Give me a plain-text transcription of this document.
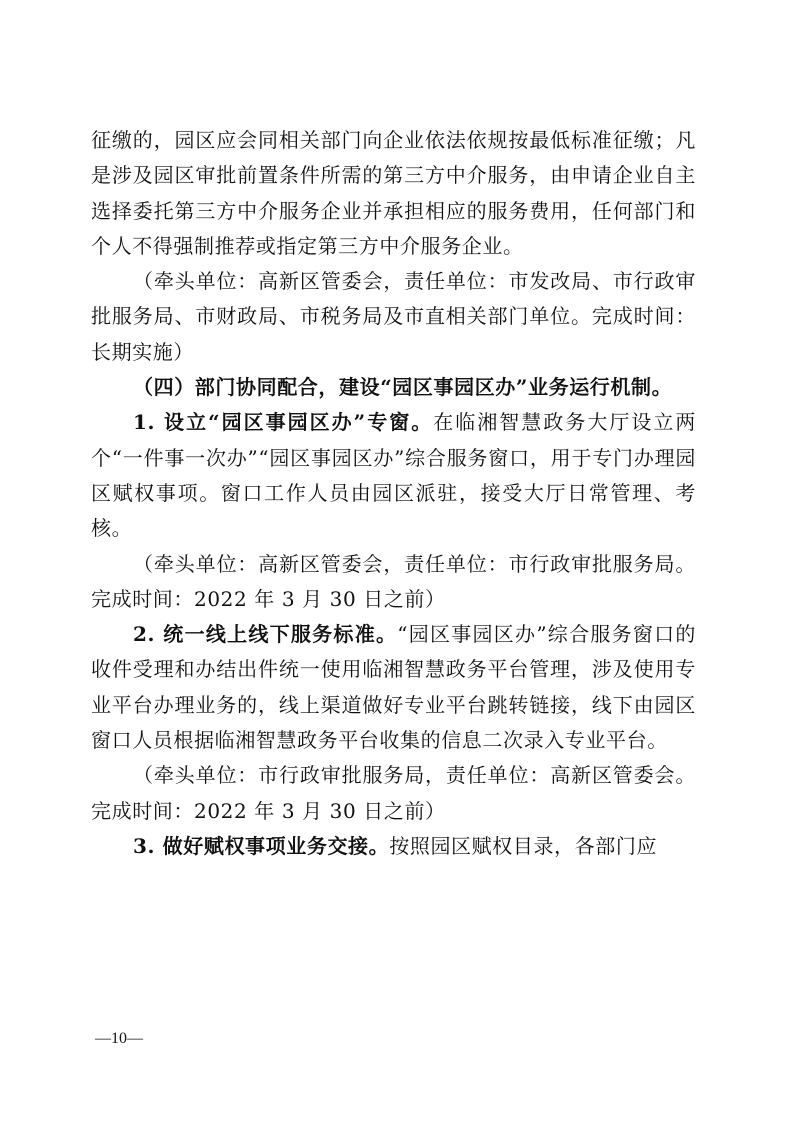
征缴的，园区应会同相关部门向企业依法依规按最低标准征缴；凡是涉及园区审批前置条件所需的第三方中介服务，由申请企业自主选择委托第三方中介服务企业并承担相应的服务费用，任何部门和个人不得强制推荐或指定第三方中介服务企业。

（牵头单位：高新区管委会，责任单位：市发改局、市行政审批服务局、市财政局、市税务局及市直相关部门单位。完成时间：长期实施）

（四）部门协同配合，建设“园区事园区办”业务运行机制。

1. 设立“园区事园区办”专窗。在临湘智慧政务大厅设立两个“一件事一次办”“园区事园区办”综合服务窗口，用于专门办理园区赋权事项。窗口工作人员由园区派驻，接受大厅日常管理、考核。

（牵头单位：高新区管委会，责任单位：市行政审批服务局。完成时间：2022 年 3 月 30 日之前）

2. 统一线上线下服务标准。“园区事园区办”综合服务窗口的收件受理和办结出件统一使用临湘智慧政务平台管理，涉及使用专业平台办理业务的，线上渠道做好专业平台跳转链接，线下由园区窗口人员根据临湘智慧政务平台收集的信息二次录入专业平台。

（牵头单位：市行政审批服务局，责任单位：高新区管委会。完成时间：2022 年 3 月 30 日之前）

3. 做好赋权事项业务交接。按照园区赋权目录，各部门应

—10—
